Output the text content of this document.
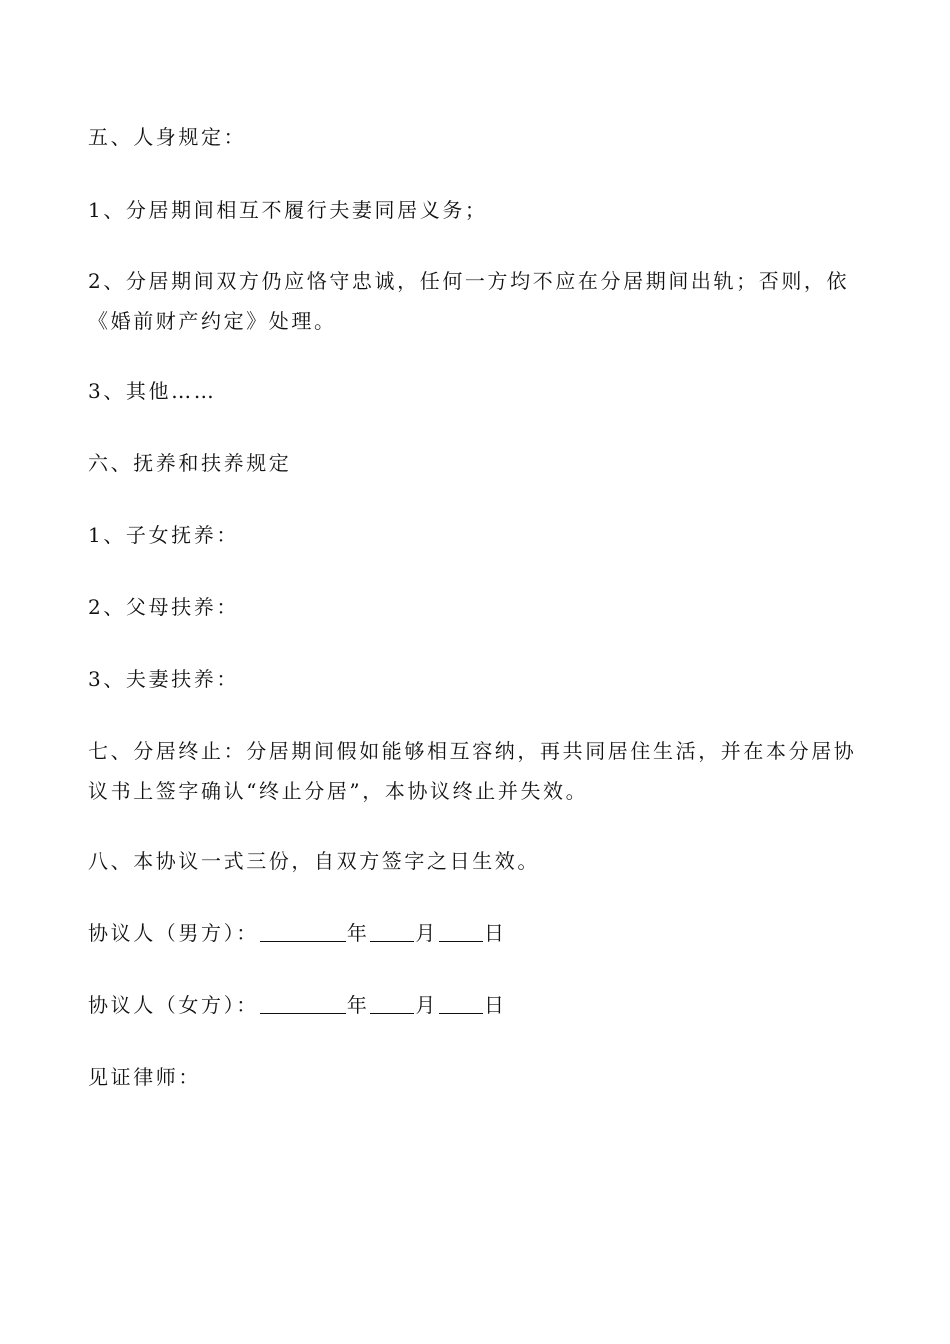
五、人身规定：
1、分居期间相互不履行夫妻同居义务；
2、分居期间双方仍应恪守忠诚，任何一方均不应在分居期间出轨；否则，依
《婚前财产约定》处理。
3、其他……
六、抚养和扶养规定
1、子女抚养：
2、父母扶养：
3、夫妻扶养：
七、分居终止：分居期间假如能够相互容纳，再共同居住生活，并在本分居协
议书上签字确认“终止分居”，本协议终止并失效。
八、本协议一式三份，自双方签字之日生效。
协议人（男方）：	年 月 日
协议人（女方）：	年 月 日
见证律师：
